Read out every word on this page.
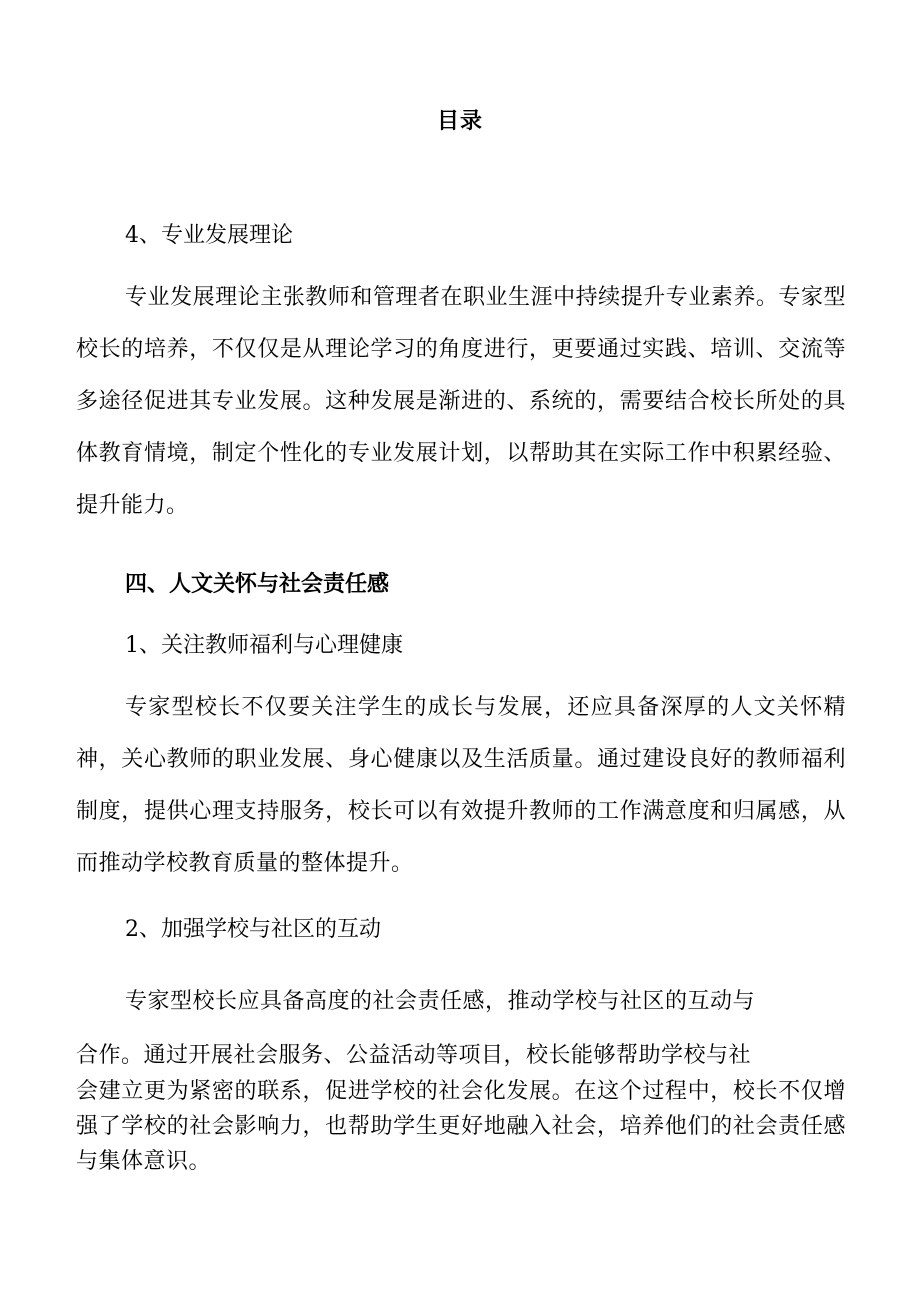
目录
4、专业发展理论
专业发展理论主张教师和管理者在职业生涯中持续提升专业素养。专家型校长的培养，不仅仅是从理论学习的角度进行，更要通过实践、培训、交流等多途径促进其专业发展。这种发展是渐进的、系统的，需要结合校长所处的具体教育情境，制定个性化的专业发展计划，以帮助其在实际工作中积累经验、提升能力。
四、人文关怀与社会责任感
1、关注教师福利与心理健康
专家型校长不仅要关注学生的成长与发展，还应具备深厚的人文关怀精神，关心教师的职业发展、身心健康以及生活质量。通过建设良好的教师福利制度，提供心理支持服务，校长可以有效提升教师的工作满意度和归属感，从而推动学校教育质量的整体提升。
2、加强学校与社区的互动
专家型校长应具备高度的社会责任感，推动学校与社区的互动与
合作。通过开展社会服务、公益活动等项目，校长能够帮助学校与社
会建立更为紧密的联系，促进学校的社会化发展。在这个过程中，校长不仅增强了学校的社会影响力，也帮助学生更好地融入社会，培养他们的社会责任感与集体意识。
